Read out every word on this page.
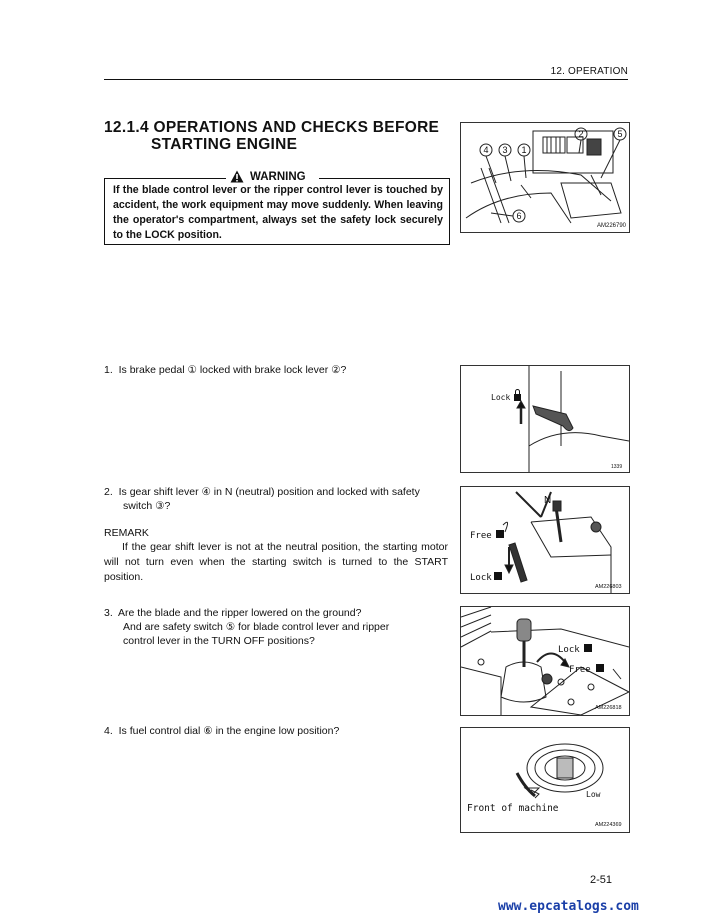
12. OPERATION
12.1.4 OPERATIONS AND CHECKS BEFORE
STARTING ENGINE
WARNING
If the blade control lever or the ripper control lever is touched by accident, the work equipment may move suddenly. When leaving the operator's compartment, always set the safety lock securely to the LOCK position.
4 3 1
2	5
6
AM226790
1. Is brake pedal ① locked with brake lock lever ②?
Lock
1339
2. Is gear shift lever ④ in N (neutral) position and locked with safety
switch ③?
REMARK
If the gear shift lever is not at the neutral position, the starting motor will not turn even when the starting switch is turned to the START position.
N
Free
Lock
AM226803
3. Are the blade and the ripper lowered on the ground?
And are safety switch ⑤ for blade control lever and ripper
control lever in the TURN OFF positions?
Lock
Free
AM226818
4. Is fuel control dial ⑥ in the engine low position?
Low
Front of machine
AM224369
2-51
www.epcatalogs.com
